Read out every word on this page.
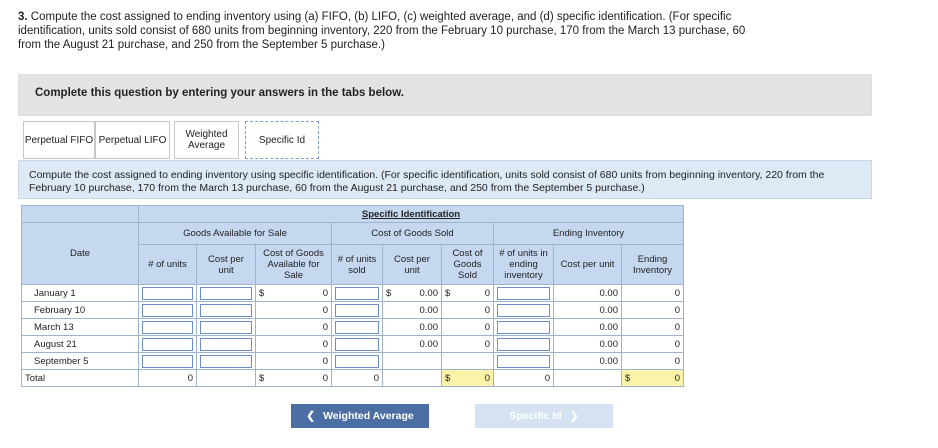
3. Compute the cost assigned to ending inventory using (a) FIFO, (b) LIFO, (c) weighted average, and (d) specific identification. (For specific identification, units sold consist of 680 units from beginning inventory, 220 from the February 10 purchase, 170 from the March 13 purchase, 60 from the August 21 purchase, and 250 from the September 5 purchase.)
Complete this question by entering your answers in the tabs below.
Perpetual FIFO Perpetual LIFO	Weighted Average	Specific Id
Compute the cost assigned to ending inventory using specific identification. (For specific identification, units sold consist of 680 units from beginning inventory, 220 from the February 10 purchase, 170 from the March 13 purchase, 60 from the August 21 purchase, and 250 from the September 5 purchase.)
	Specific Identification								
Date	Goods Available for Sale			Cost of Goods Sold			Ending Inventory		
	# of units	Cost per unit	Cost of Goods Available for Sale	# of units sold	Cost per unit	Cost of Goods Sold	# of units in ending inventory	Cost per unit	Ending Inventory
January 1			$ 0		$ 0.00	$ 0		0.00	0
February 10			0		0.00	0		0.00	0
March 13			0		0.00	0		0.00	0
August 21			0		0.00	0		0.00	0
September 5			0					0.00	0
Total	0		$ 0	0		$ 0	0		$ 0
❮ Weighted Average	Specific Id ❯
